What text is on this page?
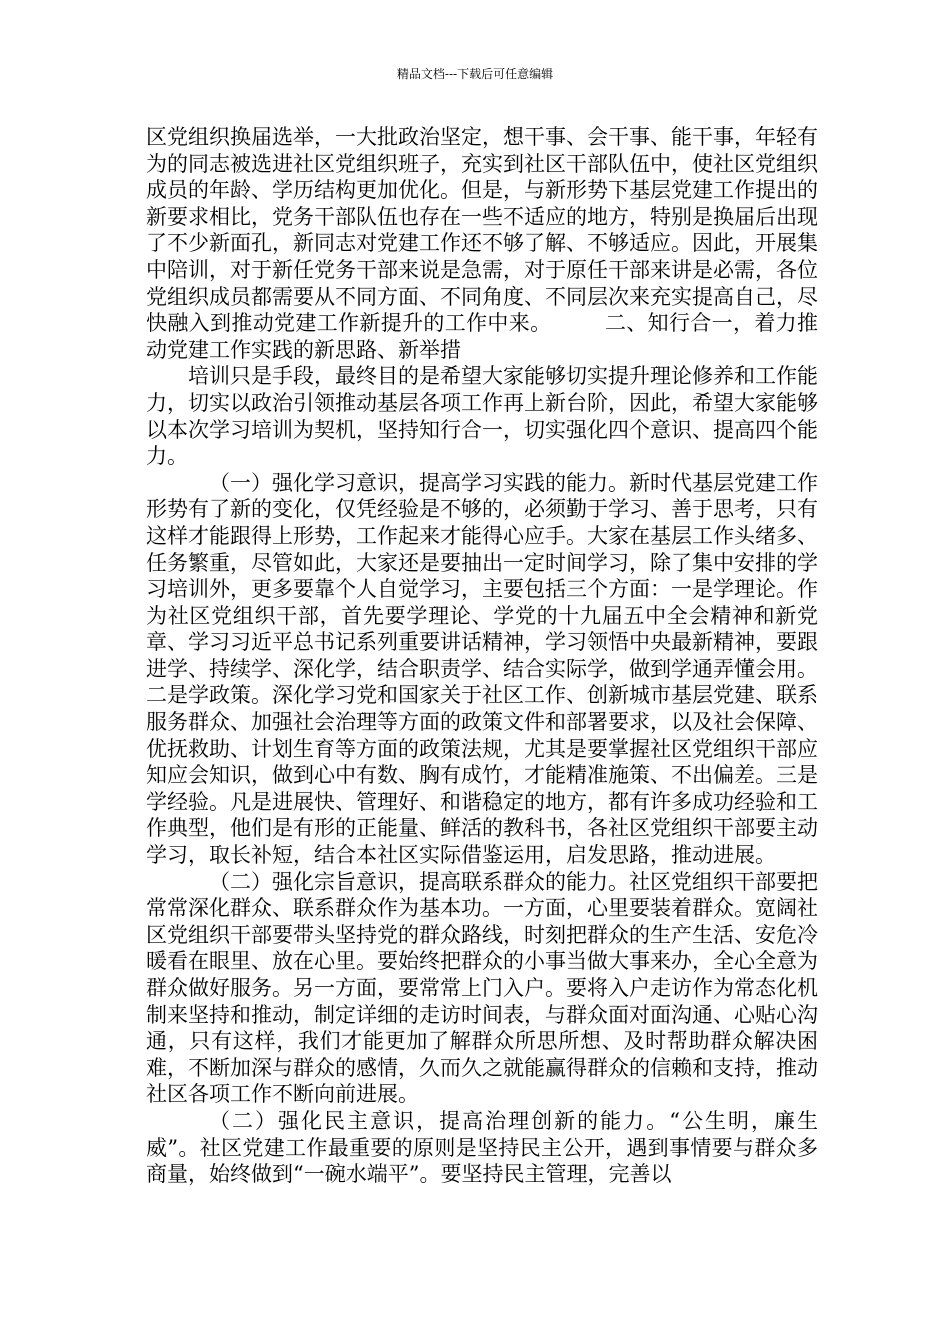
精品文档---下载后可任意编辑

区党组织换届选举，一大批政治坚定，想干事、会干事、能干事，年轻有为的同志被选进社区党组织班子，充实到社区干部队伍中，使社区党组织成员的年龄、学历结构更加优化。但是，与新形势下基层党建工作提出的新要求相比，党务干部队伍也存在一些不适应的地方，特别是换届后出现了不少新面孔，新同志对党建工作还不够了解、不够适应。因此，开展集中陪训，对于新任党务干部来说是急需，对于原任干部来讲是必需，各位党组织成员都需要从不同方面、不同角度、不同层次来充实提高自己，尽快融入到推动党建工作新提升的工作中来。　　　二、知行合一，着力推动党建工作实践的新思路、新举措

培训只是手段，最终目的是希望大家能够切实提升理论修养和工作能力，切实以政治引领推动基层各项工作再上新台阶，因此，希望大家能够以本次学习培训为契机，坚持知行合一，切实强化四个意识、提高四个能力。

（一）强化学习意识，提高学习实践的能力。新时代基层党建工作形势有了新的变化，仅凭经验是不够的，必须勤于学习、善于思考，只有这样才能跟得上形势，工作起来才能得心应手。大家在基层工作头绪多、任务繁重，尽管如此，大家还是要抽出一定时间学习，除了集中安排的学习培训外，更多要靠个人自觉学习，主要包括三个方面：一是学理论。作为社区党组织干部，首先要学理论、学党的十九届五中全会精神和新党章、学习习近平总书记系列重要讲话精神，学习领悟中央最新精神，要跟进学、持续学、深化学，结合职责学、结合实际学，做到学通弄懂会用。二是学政策。深化学习党和国家关于社区工作、创新城市基层党建、联系服务群众、加强社会治理等方面的政策文件和部署要求，以及社会保障、优抚救助、计划生育等方面的政策法规，尤其是要掌握社区党组织干部应知应会知识，做到心中有数、胸有成竹，才能精准施策、不出偏差。三是学经验。凡是进展快、管理好、和谐稳定的地方，都有许多成功经验和工作典型，他们是有形的正能量、鲜活的教科书，各社区党组织干部要主动学习，取长补短，结合本社区实际借鉴运用，启发思路，推动进展。

（二）强化宗旨意识，提高联系群众的能力。社区党组织干部要把常常深化群众、联系群众作为基本功。一方面，心里要装着群众。宽阔社区党组织干部要带头坚持党的群众路线，时刻把群众的生产生活、安危冷暖看在眼里、放在心里。要始终把群众的小事当做大事来办，全心全意为群众做好服务。另一方面，要常常上门入户。要将入户走访作为常态化机制来坚持和推动，制定详细的走访时间表，与群众面对面沟通、心贴心沟通，只有这样，我们才能更加了解群众所思所想、及时帮助群众解决困难，不断加深与群众的感情，久而久之就能赢得群众的信赖和支持，推动社区各项工作不断向前进展。

（二）强化民主意识，提高治理创新的能力。“公生明，廉生威”。社区党建工作最重要的原则是坚持民主公开，遇到事情要与群众多商量，始终做到“一碗水端平”。要坚持民主管理，完善以
